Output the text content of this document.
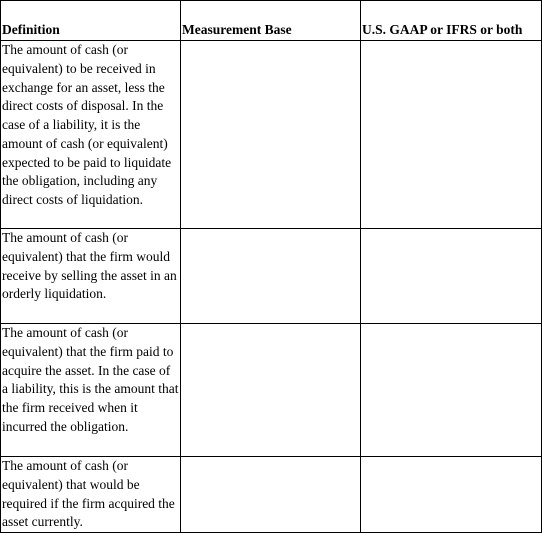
Definition	Measurement Base	U.S. GAAP or IFRS or both
The amount of cash (or equivalent) to be received in exchange for an asset, less the direct costs of disposal. In the case of a liability, it is the amount of cash (or equivalent) expected to be paid to liquidate the obligation, including any direct costs of liquidation.		
The amount of cash (or equivalent) that the firm would receive by selling the asset in an orderly liquidation.		
The amount of cash (or equivalent) that the firm paid to acquire the asset. In the case of a liability, this is the amount that the firm received when it incurred the obligation.		
The amount of cash (or equivalent) that would be required if the firm acquired the asset currently.		
